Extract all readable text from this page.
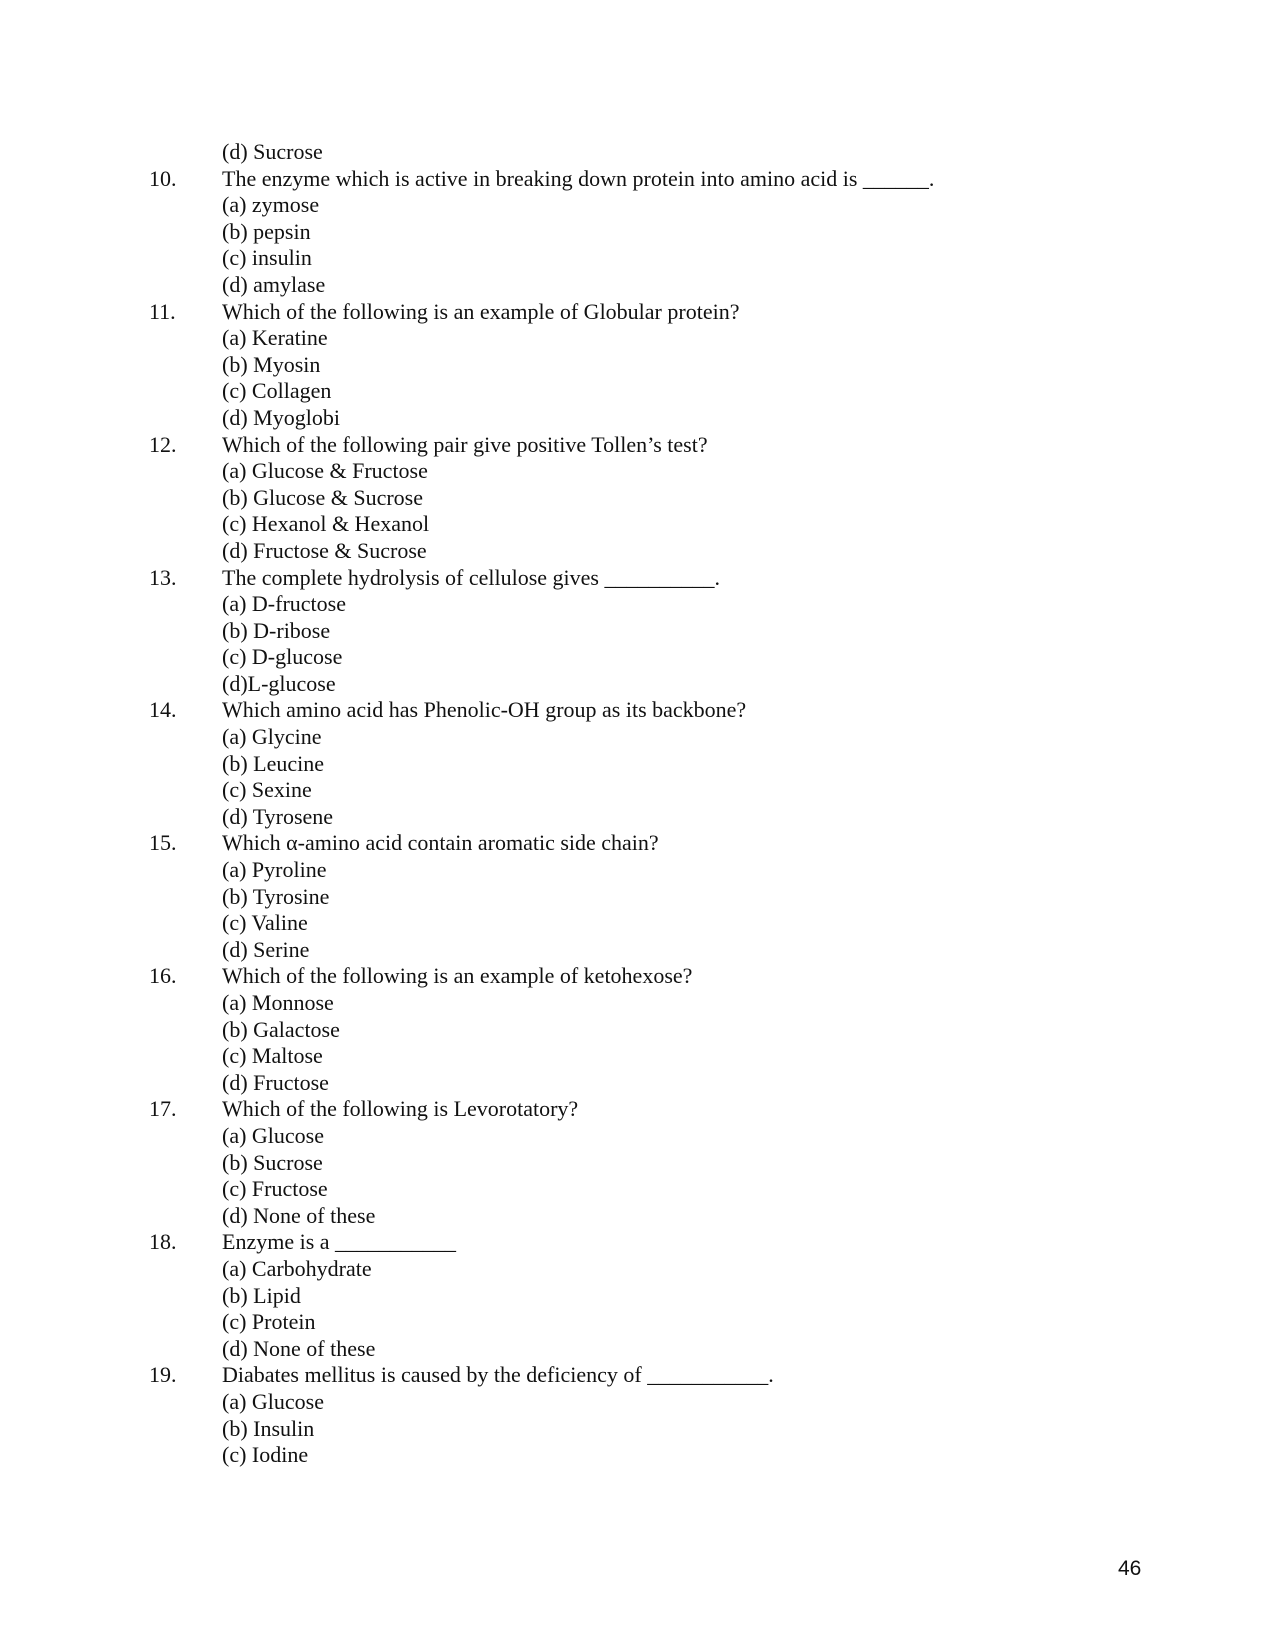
(d) Sucrose
10. The enzyme which is active in breaking down protein into amino acid is ______.
(a) zymose
(b) pepsin
(c) insulin
(d) amylase
11. Which of the following is an example of Globular protein?
(a) Keratine
(b) Myosin
(c) Collagen
(d) Myoglobi
12. Which of the following pair give positive Tollen’s test?
(a) Glucose & Fructose
(b) Glucose & Sucrose
(c) Hexanol & Hexanol
(d) Fructose & Sucrose
13. The complete hydrolysis of cellulose gives __________.
(a) D-fructose
(b) D-ribose
(c) D-glucose
(d)L-glucose
14. Which amino acid has Phenolic-OH group as its backbone?
(a) Glycine
(b) Leucine
(c) Sexine
(d) Tyrosene
15. Which α-amino acid contain aromatic side chain?
(a) Pyroline
(b) Tyrosine
(c) Valine
(d) Serine
16. Which of the following is an example of ketohexose?
(a) Monnose
(b) Galactose
(c) Maltose
(d) Fructose
17. Which of the following is Levorotatory?
(a) Glucose
(b) Sucrose
(c) Fructose
(d) None of these
18. Enzyme is a ___________
(a) Carbohydrate
(b) Lipid
(c) Protein
(d) None of these
19. Diabates mellitus is caused by the deficiency of ___________.
(a) Glucose
(b) Insulin
(c) Iodine
46
